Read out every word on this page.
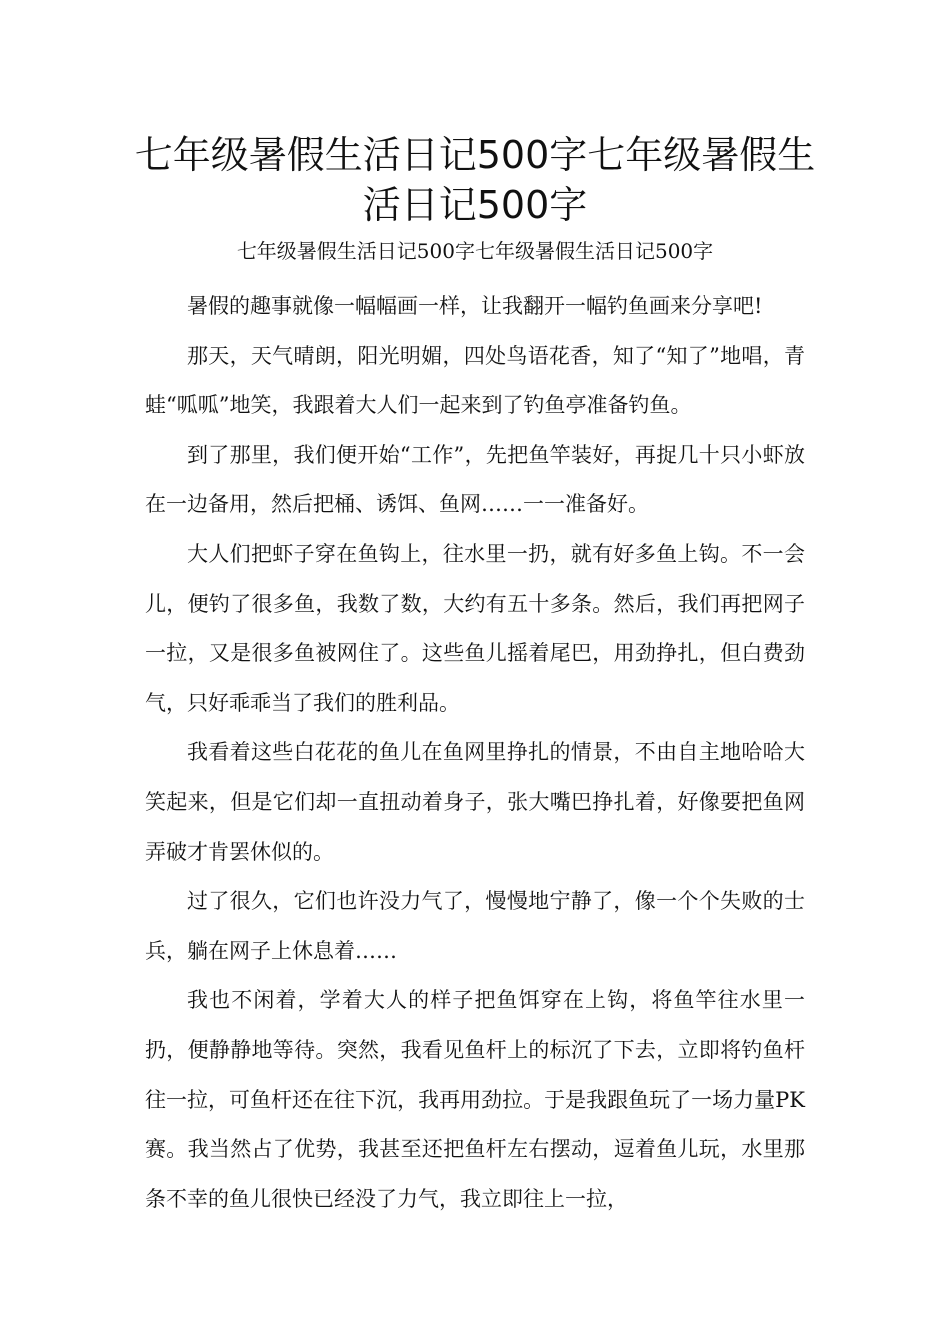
七年级暑假生活日记500字七年级暑假生活日记500字
七年级暑假生活日记500字七年级暑假生活日记500字

暑假的趣事就像一幅幅画一样，让我翻开一幅钓鱼画来分享吧!

那天，天气晴朗，阳光明媚，四处鸟语花香，知了“知了”地唱，青蛙“呱呱”地笑，我跟着大人们一起来到了钓鱼亭准备钓鱼。

到了那里，我们便开始“工作”，先把鱼竿装好，再捉几十只小虾放在一边备用，然后把桶、诱饵、鱼网……一一准备好。

大人们把虾子穿在鱼钩上，往水里一扔，就有好多鱼上钩。不一会儿，便钓了很多鱼，我数了数，大约有五十多条。然后，我们再把网子一拉，又是很多鱼被网住了。这些鱼儿摇着尾巴，用劲挣扎，但白费劲气，只好乖乖当了我们的胜利品。

我看着这些白花花的鱼儿在鱼网里挣扎的情景，不由自主地哈哈大笑起来，但是它们却一直扭动着身子，张大嘴巴挣扎着，好像要把鱼网弄破才肯罢休似的。

过了很久，它们也许没力气了，慢慢地宁静了，像一个个失败的士兵，躺在网子上休息着……

我也不闲着，学着大人的样子把鱼饵穿在上钩，将鱼竿往水里一扔，便静静地等待。突然，我看见鱼杆上的标沉了下去，立即将钓鱼杆往一拉，可鱼杆还在往下沉，我再用劲拉。于是我跟鱼玩了一场力量PK赛。我当然占了优势，我甚至还把鱼杆左右摆动，逗着鱼儿玩，水里那条不幸的鱼儿很快已经没了力气，我立即往上一拉，
